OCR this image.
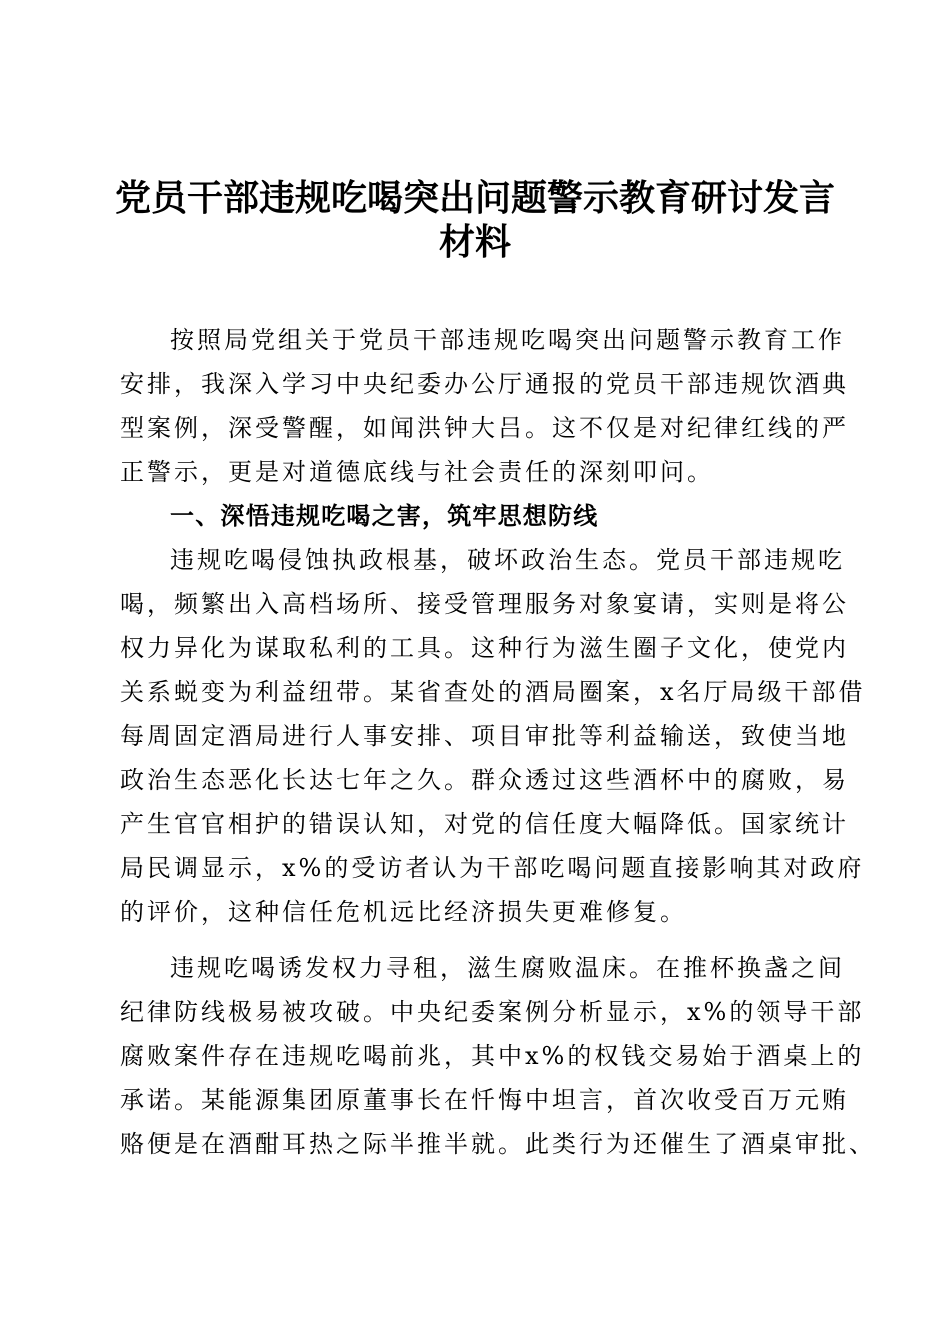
党员干部违规吃喝突出问题警示教育研讨发言
材料
按照局党组关于党员干部违规吃喝突出问题警示教育工作
安排，我深入学习中央纪委办公厅通报的党员干部违规饮酒典
型案例，深受警醒，如闻洪钟大吕。这不仅是对纪律红线的严
正警示，更是对道德底线与社会责任的深刻叩问。
一、深悟违规吃喝之害，筑牢思想防线
违规吃喝侵蚀执政根基，破坏政治生态。党员干部违规吃
喝，频繁出入高档场所、接受管理服务对象宴请，实则是将公
权力异化为谋取私利的工具。这种行为滋生圈子文化，使党内
关系蜕变为利益纽带。某省查处的酒局圈案，x名厅局级干部借
每周固定酒局进行人事安排、项目审批等利益输送，致使当地
政治生态恶化长达七年之久。群众透过这些酒杯中的腐败，易
产生官官相护的错误认知，对党的信任度大幅降低。国家统计
局民调显示，x%的受访者认为干部吃喝问题直接影响其对政府
的评价，这种信任危机远比经济损失更难修复。
违规吃喝诱发权力寻租，滋生腐败温床。在推杯换盏之间
纪律防线极易被攻破。中央纪委案例分析显示，x%的领导干部
腐败案件存在违规吃喝前兆，其中x%的权钱交易始于酒桌上的
承诺。某能源集团原董事长在忏悔中坦言，首次收受百万元贿
赂便是在酒酣耳热之际半推半就。此类行为还催生了酒桌审批、
